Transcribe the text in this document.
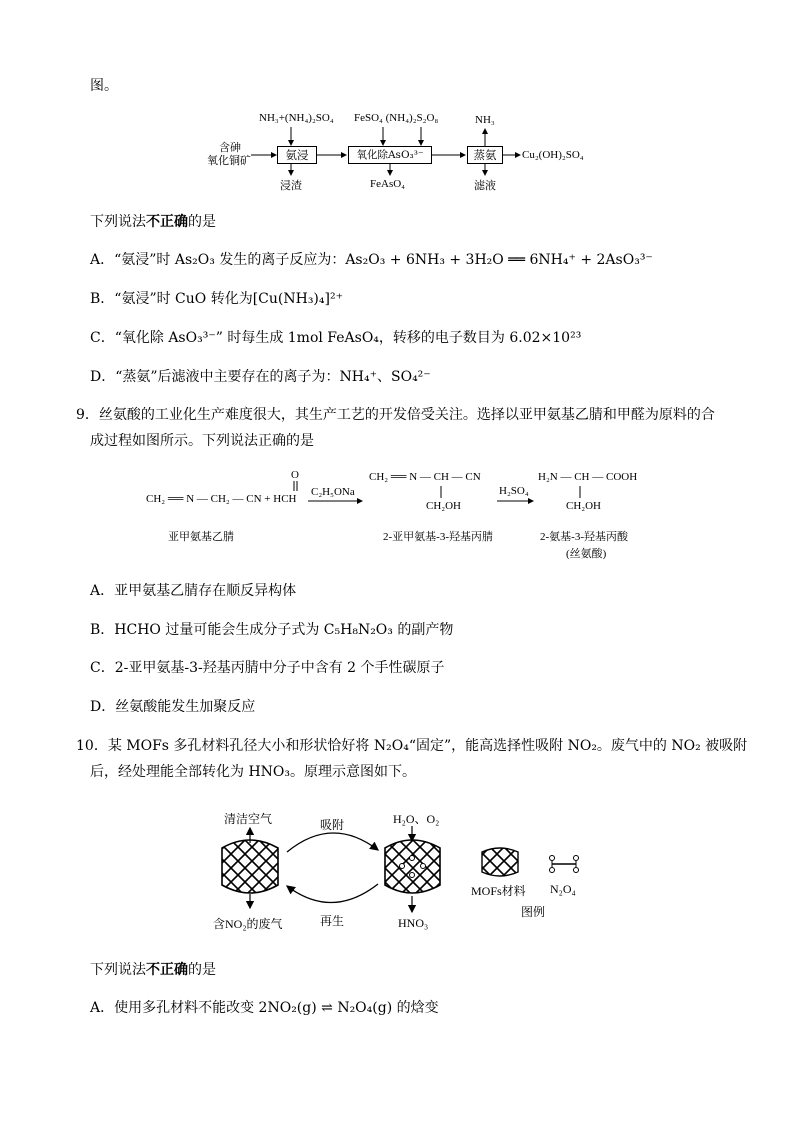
图。
含砷
氧化铜矿
NH₃+(NH₄)₂SO₄ FeSO₄ (NH₄)₂S₂O₈	NH₃
氨浸	氧化除AsO₃³⁻	蒸氨	Cu₂(OH)₂SO₄
浸渣	FeAsO₄	滤液
下列说法不正确的是
A．“氨浸”时 As₂O₃ 发生的离子反应为：As₂O₃ + 6NH₃ + 3H₂O ══ 6NH₄⁺ + 2AsO₃³⁻
B．“氨浸”时 CuO 转化为[Cu(NH₃)₄]²⁺
C．“氧化除 AsO₃³⁻” 时每生成 1mol FeAsO₄，转移的电子数目为 6.02×10²³
D．“蒸氨”后滤液中主要存在的离子为：NH₄⁺、SO₄²⁻
9．丝氨酸的工业化生产难度很大，其生产工艺的开发倍受关注。选择以亚甲氨基乙腈和甲醛为原料的合
成过程如图所示。下列说法正确的是
O
CH₂ ══ N — CH₂ — CN + HCH
C₂H₅ONa
CH₂ ══ N — CH — CN
CH₂OH
H₂SO₄
H₂N — CH — COOH
CH₂OH
亚甲氨基乙腈	2-亚甲氨基-3-羟基丙腈	2-氨基-3-羟基丙酸
(丝氨酸)
A．亚甲氨基乙腈存在顺反异构体
B．HCHO 过量可能会生成分子式为 C₅H₈N₂O₃ 的副产物
C．2-亚甲氨基-3-羟基丙腈中分子中含有 2 个手性碳原子
D．丝氨酸能发生加聚反应
10．某 MOFs 多孔材料孔径大小和形状恰好将 N₂O₄“固定”，能高选择性吸附 NO₂。废气中的 NO₂ 被吸附
后，经处理能全部转化为 HNO₃。原理示意图如下。
清洁空气	吸附	H₂O、O₂
含NO₂的废气	再生	HNO₃
MOFs材料 N₂O₄
图例
下列说法不正确的是
A．使用多孔材料不能改变 2NO₂(g) ⇌ N₂O₄(g) 的焓变
